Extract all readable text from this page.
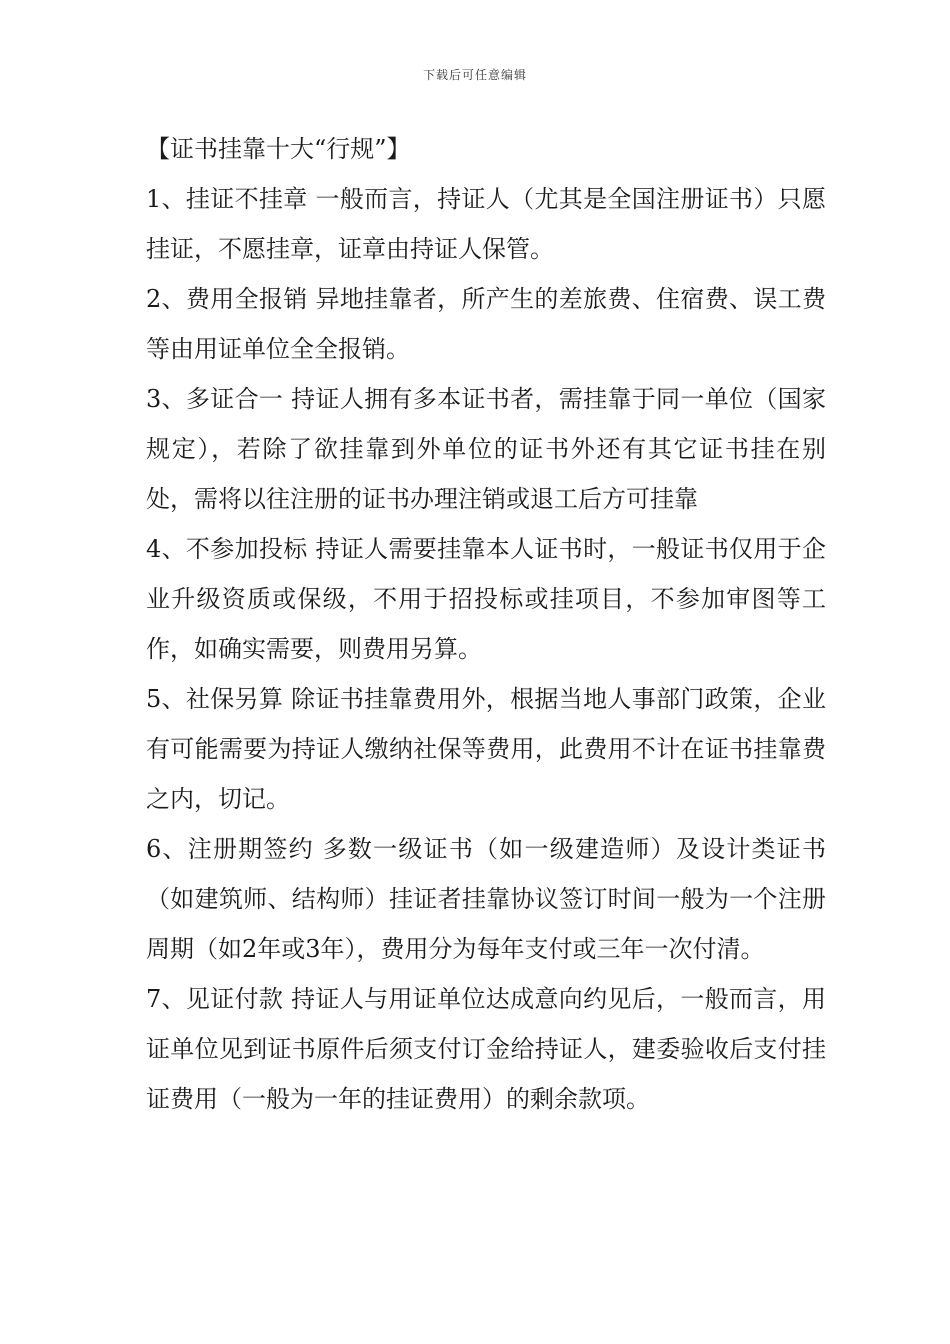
下载后可任意编辑

【证书挂靠十大“行规”】

1、挂证不挂章 一般而言，持证人（尤其是全国注册证书）只愿挂证，不愿挂章，证章由持证人保管。

2、费用全报销 异地挂靠者，所产生的差旅费、住宿费、误工费等由用证单位全全报销。

3、多证合一 持证人拥有多本证书者，需挂靠于同一单位（国家规定），若除了欲挂靠到外单位的证书外还有其它证书挂在别处，需将以往注册的证书办理注销或退工后方可挂靠

4、不参加投标 持证人需要挂靠本人证书时，一般证书仅用于企业升级资质或保级，不用于招投标或挂项目，不参加审图等工作，如确实需要，则费用另算。

5、社保另算 除证书挂靠费用外，根据当地人事部门政策，企业有可能需要为持证人缴纳社保等费用，此费用不计在证书挂靠费之内，切记。

6、注册期签约 多数一级证书（如一级建造师）及设计类证书（如建筑师、结构师）挂证者挂靠协议签订时间一般为一个注册周期（如2年或3年），费用分为每年支付或三年一次付清。

7、见证付款 持证人与用证单位达成意向约见后，一般而言，用证单位见到证书原件后须支付订金给持证人，建委验收后支付挂证费用（一般为一年的挂证费用）的剩余款项。
